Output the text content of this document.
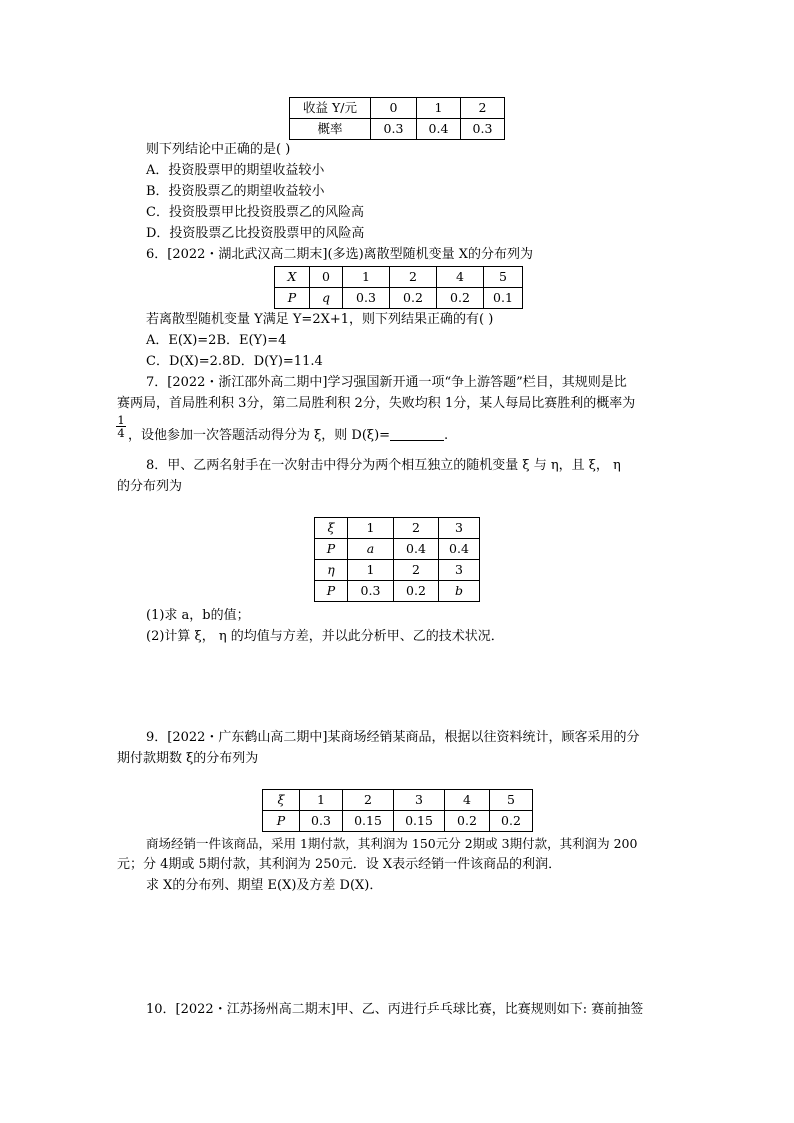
收益 Y/元	0	1	2
概率	0.3	0.4	0.3
则下列结论中正确的是( )
A．投资股票甲的期望收益较小
B．投资股票乙的期望收益较小
C．投资股票甲比投资股票乙的风险高
D．投资股票乙比投资股票甲的风险高
6．[2022・湖北武汉高二期末](多选)离散型随机变量 X的分布列为
X	0	1	2	4	5
P	q	0.3	0.2	0.2	0.1
若离散型随机变量 Y满足 Y=2X+1，则下列结果正确的有( )
A．E(X)=2B．E(Y)=4
C．D(X)=2.8D．D(Y)=11.4
7．[2022・浙江邵外高二期中]学习强国新开通一项“争上游答题”栏目，其规则是比
赛两局，首局胜利积 3分，第二局胜利积 2分，失败均积 1分，某人每局比赛胜利的概率为
$\frac{1}{4}$ ，设他参加一次答题活动得分为 ξ，则 D(ξ)=	.
8．甲、乙两名射手在一次射击中得分为两个相互独立的随机变量 ξ 与 η，且 ξ， η
的分布列为
ξ	1	2	3
P	a	0.4	0.4
η	1	2	3
P	0.3	0.2	b
(1)求 a，b的值；
(2)计算 ξ， η 的均值与方差，并以此分析甲、乙的技术状况．
9．[2022・广东鹤山高二期中]某商场经销某商品，根据以往资料统计，顾客采用的分
期付款期数 ξ的分布列为
ξ	1	2	3	4	5
P	0.3	0.15	0.15	0.2	0.2
商场经销一件该商品，采用 1期付款，其利润为 150元分 2期或 3期付款，其利润为 200
元；分 4期或 5期付款，其利润为 250元．设 X表示经销一件该商品的利润．
求 X的分布列、期望 E(X)及方差 D(X)．
10．[2022・江苏扬州高二期末]甲、乙、丙进行乒乓球比赛，比赛规则如下: 赛前抽签
